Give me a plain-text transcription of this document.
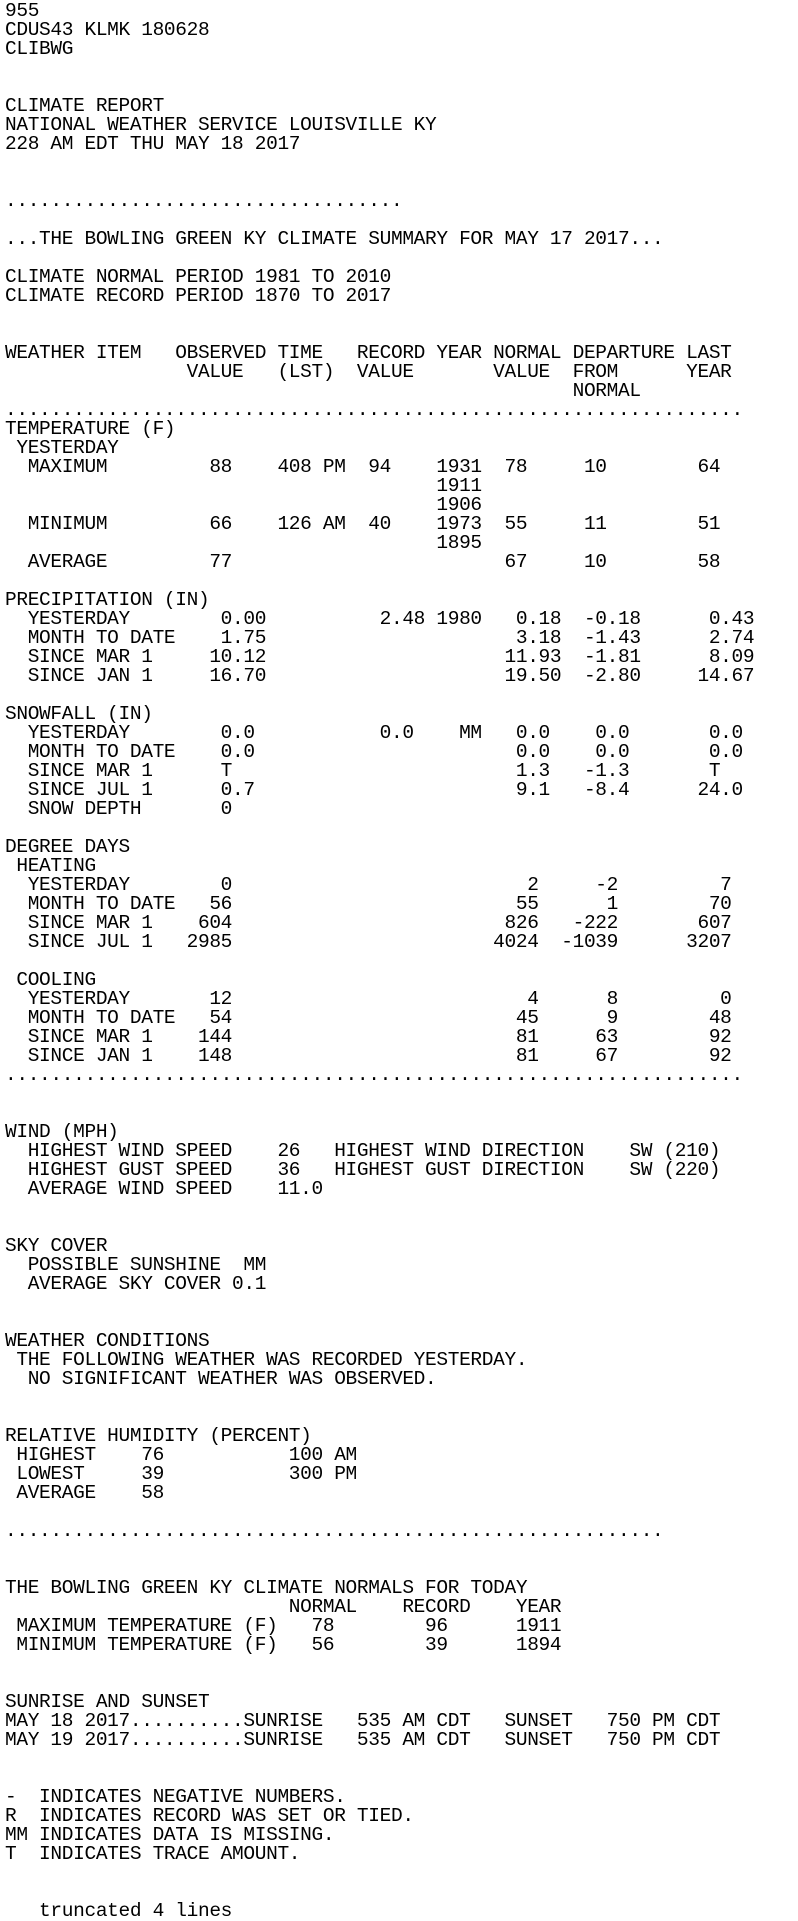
955
CDUS43 KLMK 180628
CLIBWG
CLIMATE REPORT
NATIONAL WEATHER SERVICE LOUISVILLE KY
228 AM EDT THU MAY 18 2017
...................................
...THE BOWLING GREEN KY CLIMATE SUMMARY FOR MAY 17 2017...
CLIMATE NORMAL PERIOD 1981 TO 2010
CLIMATE RECORD PERIOD 1870 TO 2017
WEATHER ITEM   OBSERVED TIME   RECORD YEAR NORMAL DEPARTURE LAST
VALUE   (LST)  VALUE       VALUE  FROM      YEAR
NORMAL
.................................................................
TEMPERATURE (F)
YESTERDAY
MAXIMUM         88    408 PM  94    1931  78     10        64
1911
1906
MINIMUM         66    126 AM  40    1973  55     11        51
1895
AVERAGE         77                        67     10        58
PRECIPITATION (IN)
YESTERDAY        0.00          2.48 1980   0.18  -0.18      0.43
MONTH TO DATE    1.75                      3.18  -1.43      2.74
SINCE MAR 1     10.12                     11.93  -1.81      8.09
SINCE JAN 1     16.70                     19.50  -2.80     14.67
SNOWFALL (IN)
YESTERDAY        0.0           0.0    MM   0.0    0.0       0.0
MONTH TO DATE    0.0                       0.0    0.0       0.0
SINCE MAR 1      T                         1.3   -1.3       T
SINCE JUL 1      0.7                       9.1   -8.4      24.0
SNOW DEPTH       0
DEGREE DAYS
HEATING
YESTERDAY        0                          2     -2         7
MONTH TO DATE   56                         55      1        70
SINCE MAR 1    604                        826   -222       607
SINCE JUL 1   2985                       4024  -1039      3207
COOLING
YESTERDAY       12                          4      8         0
MONTH TO DATE   54                         45      9        48
SINCE MAR 1    144                         81     63        92
SINCE JAN 1    148                         81     67        92
.................................................................
WIND (MPH)
HIGHEST WIND SPEED    26   HIGHEST WIND DIRECTION    SW (210)
HIGHEST GUST SPEED    36   HIGHEST GUST DIRECTION    SW (220)
AVERAGE WIND SPEED    11.0
SKY COVER
POSSIBLE SUNSHINE  MM
AVERAGE SKY COVER 0.1
WEATHER CONDITIONS
THE FOLLOWING WEATHER WAS RECORDED YESTERDAY.
NO SIGNIFICANT WEATHER WAS OBSERVED.
RELATIVE HUMIDITY (PERCENT)
HIGHEST    76           100 AM
LOWEST     39           300 PM
AVERAGE    58
..........................................................
THE BOWLING GREEN KY CLIMATE NORMALS FOR TODAY
NORMAL    RECORD    YEAR
MAXIMUM TEMPERATURE (F)   78        96      1911
MINIMUM TEMPERATURE (F)   56        39      1894
SUNRISE AND SUNSET
MAY 18 2017..........SUNRISE   535 AM CDT   SUNSET   750 PM CDT
MAY 19 2017..........SUNRISE   535 AM CDT   SUNSET   750 PM CDT
-  INDICATES NEGATIVE NUMBERS.
R  INDICATES RECORD WAS SET OR TIED.
MM INDICATES DATA IS MISSING.
T  INDICATES TRACE AMOUNT.
truncated 4 lines
